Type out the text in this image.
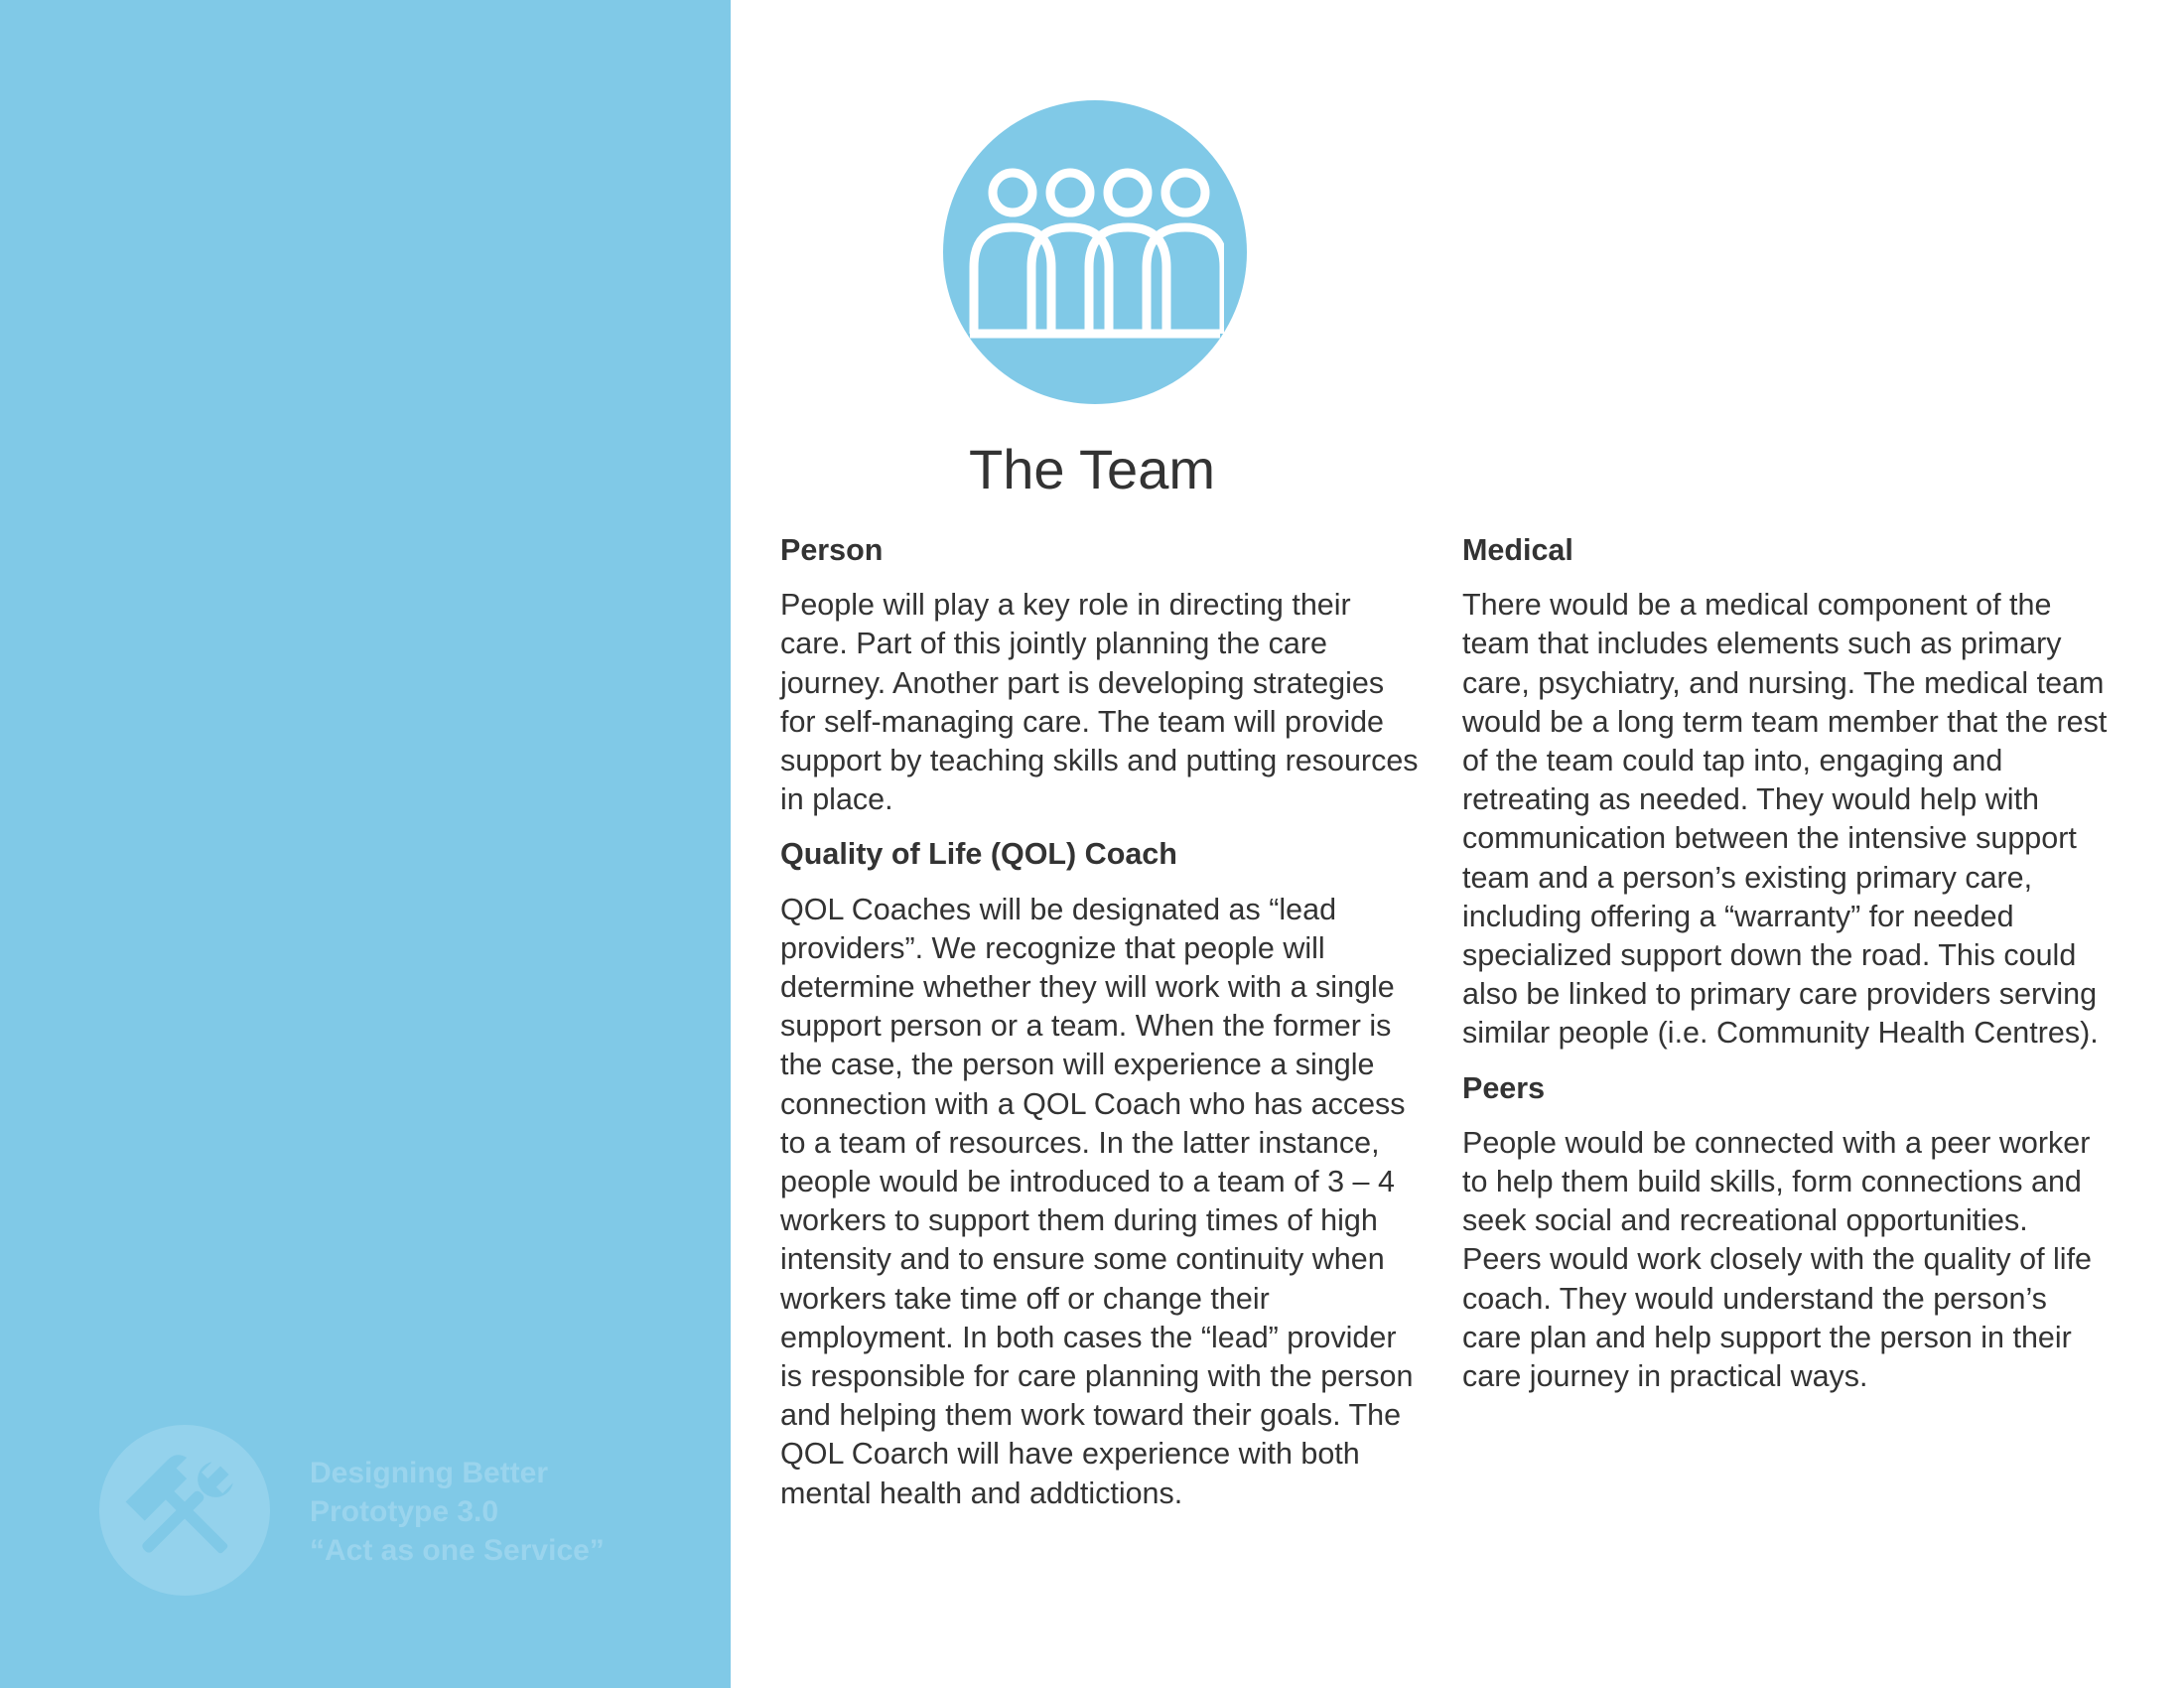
Designing Better
Prototype 3.0
“Act as one Service”
The Team
Person
People will play a key role in directing their care. Part of this jointly planning the care journey. Another part is developing strategies for self-managing care. The team will provide support by teaching skills and putting resources in place.
Quality of Life (QOL) Coach
QOL Coaches will be designated as “lead providers”. We recognize that people will determine whether they will work with a single support person or a team. When the former is the case, the person will experience a single connection with a QOL Coach who has access to a team of resources. In the latter instance, people would be introduced to a team of 3 – 4 workers to support them during times of high intensity and to ensure some continuity when workers take time off or change their employment. In both cases the “lead” provider is responsible for care planning with the person and helping them work toward their goals. The QOL Coarch will have experience with both mental health and addtictions.
Medical
There would be a medical component of the team that includes elements such as primary care, psychiatry, and nursing. The medical team would be a long term team member that the rest of the team could tap into, engaging and retreating as needed. They would help with communication between the intensive support team and a person’s existing primary care, including offering a “warranty” for needed specialized support down the road. This could also be linked to primary care providers serving similar people (i.e. Community Health Centres).
Peers
People would be connected with a peer worker to help them build skills, form connections and seek social and recreational opportunities. Peers would work closely with the quality of life coach. They would understand the person’s care plan and help support the person in their care journey in practical ways.
